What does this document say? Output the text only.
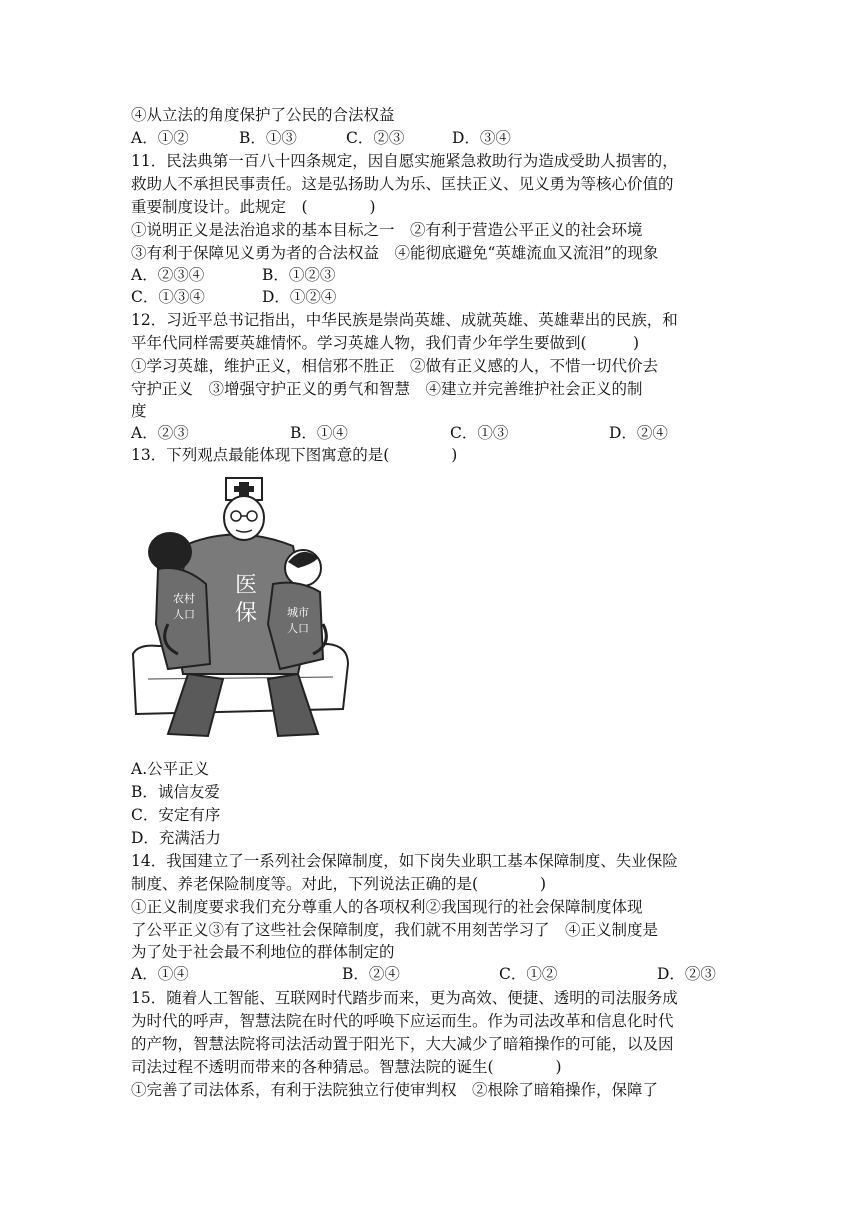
④从立法的角度保护了公民的合法权益
A．①②	B．①③	C．②③	D．③④
11．民法典第一百八十四条规定，因自愿实施紧急救助行为造成受助人损害的，
救助人不承担民事责任。这是弘扬助人为乐、匡扶正义、见义勇为等核心价值的
重要制度设计。此规定　(　　　　)
①说明正义是法治追求的基本目标之一　②有利于营造公平正义的社会环境
③有利于保障见义勇为者的合法权益　④能彻底避免“英雄流血又流泪”的现象
A．②③④	B．①②③
C．①③④	D．①②④
12．习近平总书记指出，中华民族是崇尚英雄、成就英雄、英雄辈出的民族，和
平年代同样需要英雄情怀。学习英雄人物，我们青少年学生要做到(　　　)
①学习英雄，维护正义，相信邪不胜正　②做有正义感的人，不惜一切代价去
守护正义　③增强守护正义的勇气和智慧　④建立并完善维护社会正义的制
度
A．②③	B．①④	C．①③	D．②④
13．下列观点最能体现下图寓意的是(　　　　)
医
保
农村
人口	城市
人口
A.公平正义
B．诚信友爱
C．安定有序
D．充满活力
14．我国建立了一系列社会保障制度，如下岗失业职工基本保障制度、失业保险
制度、养老保险制度等。对此，下列说法正确的是(　　　　)
①正义制度要求我们充分尊重人的各项权利②我国现行的社会保障制度体现
了公平正义③有了这些社会保障制度，我们就不用刻苦学习了　④正义制度是
为了处于社会最不利地位的群体制定的
A．①④	B．②④	C．①②	D．②③
15．随着人工智能、互联网时代踏步而来，更为高效、便捷、透明的司法服务成
为时代的呼声，智慧法院在时代的呼唤下应运而生。作为司法改革和信息化时代
的产物，智慧法院将司法活动置于阳光下，大大减少了暗箱操作的可能，以及因
司法过程不透明而带来的各种猜忌。智慧法院的诞生(　　　　)
①完善了司法体系，有利于法院独立行使审判权　②根除了暗箱操作，保障了
